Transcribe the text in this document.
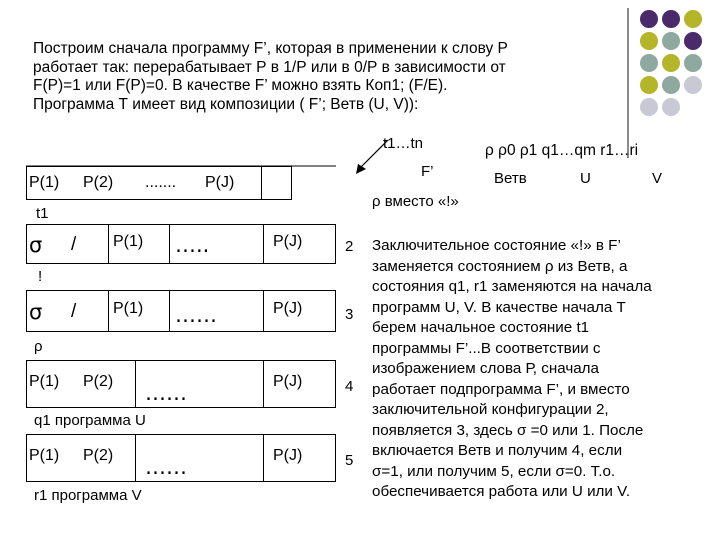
Построим сначала программу F’, которая в применении к слову Р

работает так: перерабатывает Р в 1/Р или в 0/Р в зависимости от

F(P)=1 или F(P)=0. В качестве F’ можно взять Коп1; (F/E).

Программа Т имеет вид композиции ( F’; Ветв (U, V)):

t1…tn	ρ ρ0 ρ1 q1…qm r1…ri
F’	Ветв	U	V
ρ вместо «!»
P(1) P(2) ....... P(J)
t1
σ / P(1) …..	P(J)	2
!
σ / P(1) ……	P(J)	3
ρ
P(1) P(2) ……	P(J)	4
q1 программа U
P(1) P(2) ……	P(J)	5
r1 программа V

Заключительное состояние «!» в F’

заменяется состоянием ρ из Ветв, а

состояния q1, r1 заменяются на начала

программ U, V. В качестве начала Т

берем начальное состояние t1

программы F’...В соответствии с

изображением слова Р, сначала

работает подпрограмма F’, и вместо

заключительной конфигурации 2,

появляется 3, здесь σ =0 или 1. После

включается Ветв и получим 4, если

σ=1, или получим 5, если σ=0. Т.о.

обеспечивается работа или U или V.
